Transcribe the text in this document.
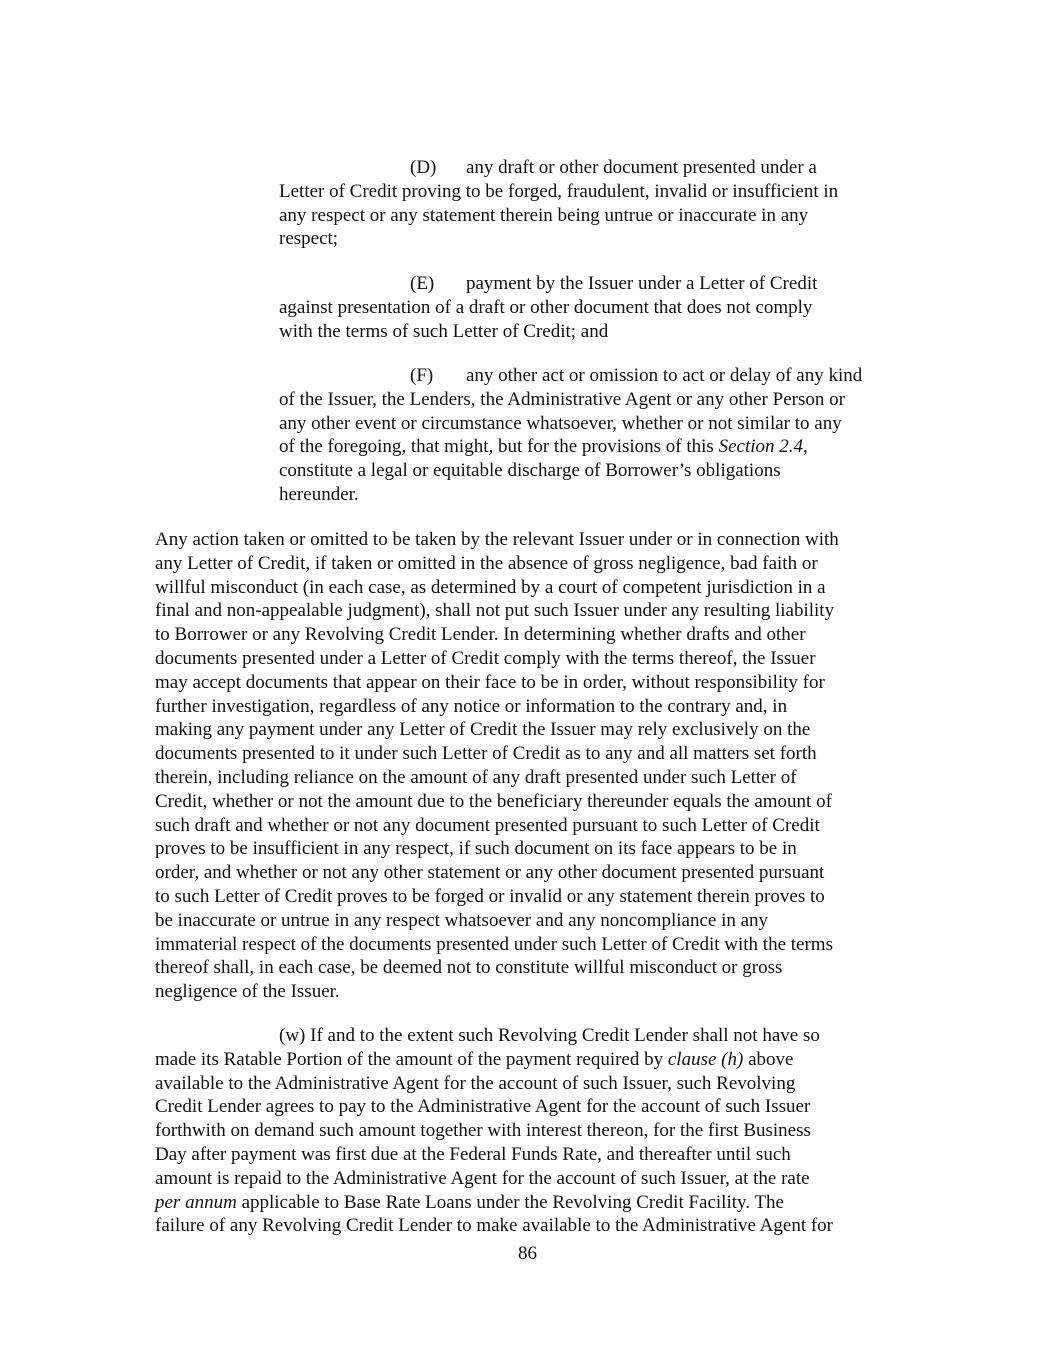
(D) any draft or other document presented under a
Letter of Credit proving to be forged, fraudulent, invalid or insufficient in
any respect or any statement therein being untrue or inaccurate in any
respect;
(E) payment by the Issuer under a Letter of Credit
against presentation of a draft or other document that does not comply
with the terms of such Letter of Credit; and
(F) any other act or omission to act or delay of any kind
of the Issuer, the Lenders, the Administrative Agent or any other Person or
any other event or circumstance whatsoever, whether or not similar to any
of the foregoing, that might, but for the provisions of this Section 2.4,
constitute a legal or equitable discharge of Borrower’s obligations
hereunder.
Any action taken or omitted to be taken by the relevant Issuer under or in connection with
any Letter of Credit, if taken or omitted in the absence of gross negligence, bad faith or
willful misconduct (in each case, as determined by a court of competent jurisdiction in a
final and non-appealable judgment), shall not put such Issuer under any resulting liability
to Borrower or any Revolving Credit Lender. In determining whether drafts and other
documents presented under a Letter of Credit comply with the terms thereof, the Issuer
may accept documents that appear on their face to be in order, without responsibility for
further investigation, regardless of any notice or information to the contrary and, in
making any payment under any Letter of Credit the Issuer may rely exclusively on the
documents presented to it under such Letter of Credit as to any and all matters set forth
therein, including reliance on the amount of any draft presented under such Letter of
Credit, whether or not the amount due to the beneficiary thereunder equals the amount of
such draft and whether or not any document presented pursuant to such Letter of Credit
proves to be insufficient in any respect, if such document on its face appears to be in
order, and whether or not any other statement or any other document presented pursuant
to such Letter of Credit proves to be forged or invalid or any statement therein proves to
be inaccurate or untrue in any respect whatsoever and any noncompliance in any
immaterial respect of the documents presented under such Letter of Credit with the terms
thereof shall, in each case, be deemed not to constitute willful misconduct or gross
negligence of the Issuer.
(w) If and to the extent such Revolving Credit Lender shall not have so
made its Ratable Portion of the amount of the payment required by clause (h) above
available to the Administrative Agent for the account of such Issuer, such Revolving
Credit Lender agrees to pay to the Administrative Agent for the account of such Issuer
forthwith on demand such amount together with interest thereon, for the first Business
Day after payment was first due at the Federal Funds Rate, and thereafter until such
amount is repaid to the Administrative Agent for the account of such Issuer, at the rate
per annum applicable to Base Rate Loans under the Revolving Credit Facility. The
failure of any Revolving Credit Lender to make available to the Administrative Agent for
86
